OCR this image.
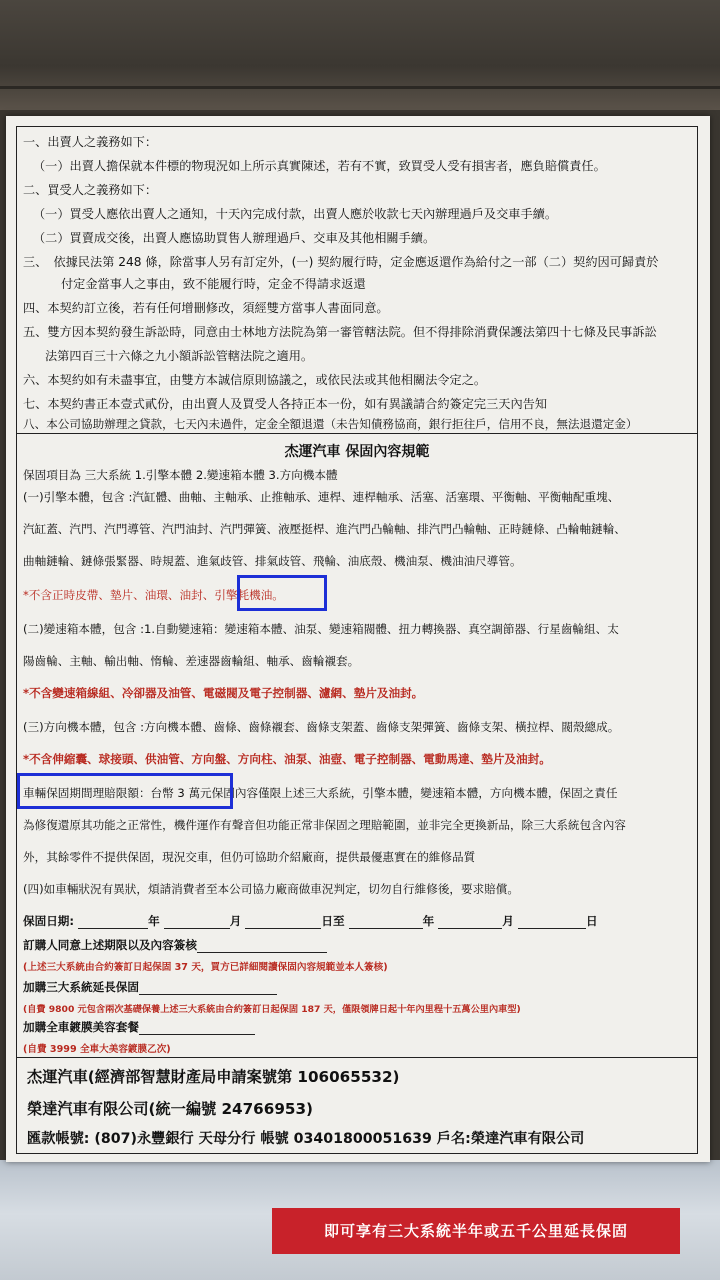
即可享有三大系統半年或五千公里延長保固
一、出賣人之義務如下：
（一）出賣人擔保就本件標的物現況如上所示真實陳述，若有不實，致買受人受有損害者，應負賠償責任。
二、買受人之義務如下：
（一）買受人應依出賣人之通知，十天內完成付款，出賣人應於收款七天內辦理過戶及交車手續。
（二）買賣成交後，出賣人應協助買售人辦理過戶、交車及其他相關手續。
三、　依據民法第 248 條，除當事人另有訂定外，(一) 契約履行時，定金應返還作為給付之一部（二）契約因可歸責於
付定金當事人之事由，致不能履行時，定金不得請求返還
四、本契約訂立後，若有任何增刪修改，須經雙方當事人書面同意。
五、雙方因本契約發生訴訟時，同意由士林地方法院為第一審管轄法院。但不得排除消費保護法第四十七條及民事訴訟
法第四百三十六條之九小額訴訟管轄法院之適用。
六、本契約如有未盡事宜，由雙方本誠信原則協議之，或依民法或其他相關法令定之。
七、本契約書正本壹式貳份，由出賣人及買受人各持正本一份，如有異議請合約簽定完三天內告知
八、本公司協助辦理之貸款，七天內未過件，定金全額退還（未告知債務協商，銀行拒往戶，信用不良，無法退還定金）
杰運汽車 保固內容規範
保固項目為 三大系統 1.引擎本體 2.變速箱本體 3.方向機本體
(一)引擎本體，包含 :汽缸體、曲軸、主軸承、止推軸承、連桿、連桿軸承、活塞、活塞環、平衡軸、平衡軸配重塊、
汽缸蓋、汽門、汽門導管、汽門油封、汽門彈簧、液壓挺桿、進汽門凸輪軸、排汽門凸輪軸、正時鏈條、凸輪軸鏈輪、
曲軸鏈輪、鏈條張緊器、時規蓋、進氣歧管、排氣歧管、飛輪、油底殼、機油泵、機油油尺導管。
*不含正時皮帶、墊片、油環、油封、引擎耗機油。
(二)變速箱本體，包含 :1.自動變速箱：變速箱本體、油泵、變速箱閥體、扭力轉換器、真空調節器、行星齒輪組、太
陽齒輪、主軸、輸出軸、惰輪、差速器齒輪組、軸承、齒輪襯套。
*不含變速箱線組、冷卻器及油管、電磁閥及電子控制器、濾網、墊片及油封。
(三)方向機本體，包含 :方向機本體、齒條、齒條襯套、齒條支架蓋、齒條支架彈簧、齒條支架、橫拉桿、閥殼總成。
*不含伸縮囊、球接頭、供油管、方向盤、方向柱、油泵、油壺、電子控制器、電動馬達、墊片及油封。
車輛保固期間理賠限額：台幣 3 萬元保固內容僅限上述三大系統，引擎本體，變速箱本體，方向機本體，保固之責任
為修復還原其功能之正常性，機件運作有聲音但功能正常非保固之理賠範圍，並非完全更換新品，除三大系統包含內容
外，其餘零件不提供保固，現況交車，但仍可協助介紹廠商，提供最優惠實在的維修品質
(四)如車輛狀況有異狀，煩請消費者至本公司協力廠商做車況判定，切勿自行維修後，要求賠償。
保固日期:	年	月	日至	年	月	日
訂購人同意上述期限以及內容簽核
(上述三大系統由合約簽訂日起保固 37 天，買方已詳細閱讀保固內容規範並本人簽核)
加購三大系統延長保固
(自費 9800 元包含兩次基礎保養上述三大系統由合約簽訂日起保固 187 天，僅限領牌日起十年內里程十五萬公里內車型)
加購全車鍍膜美容套餐
(自費 3999 全車大美容鍍膜乙次)
杰運汽車(經濟部智慧財產局申請案號第 106065532)
榮達汽車有限公司(統一編號 24766953)
匯款帳號: (807)永豐銀行 天母分行 帳號 03401800051639 戶名:榮達汽車有限公司
